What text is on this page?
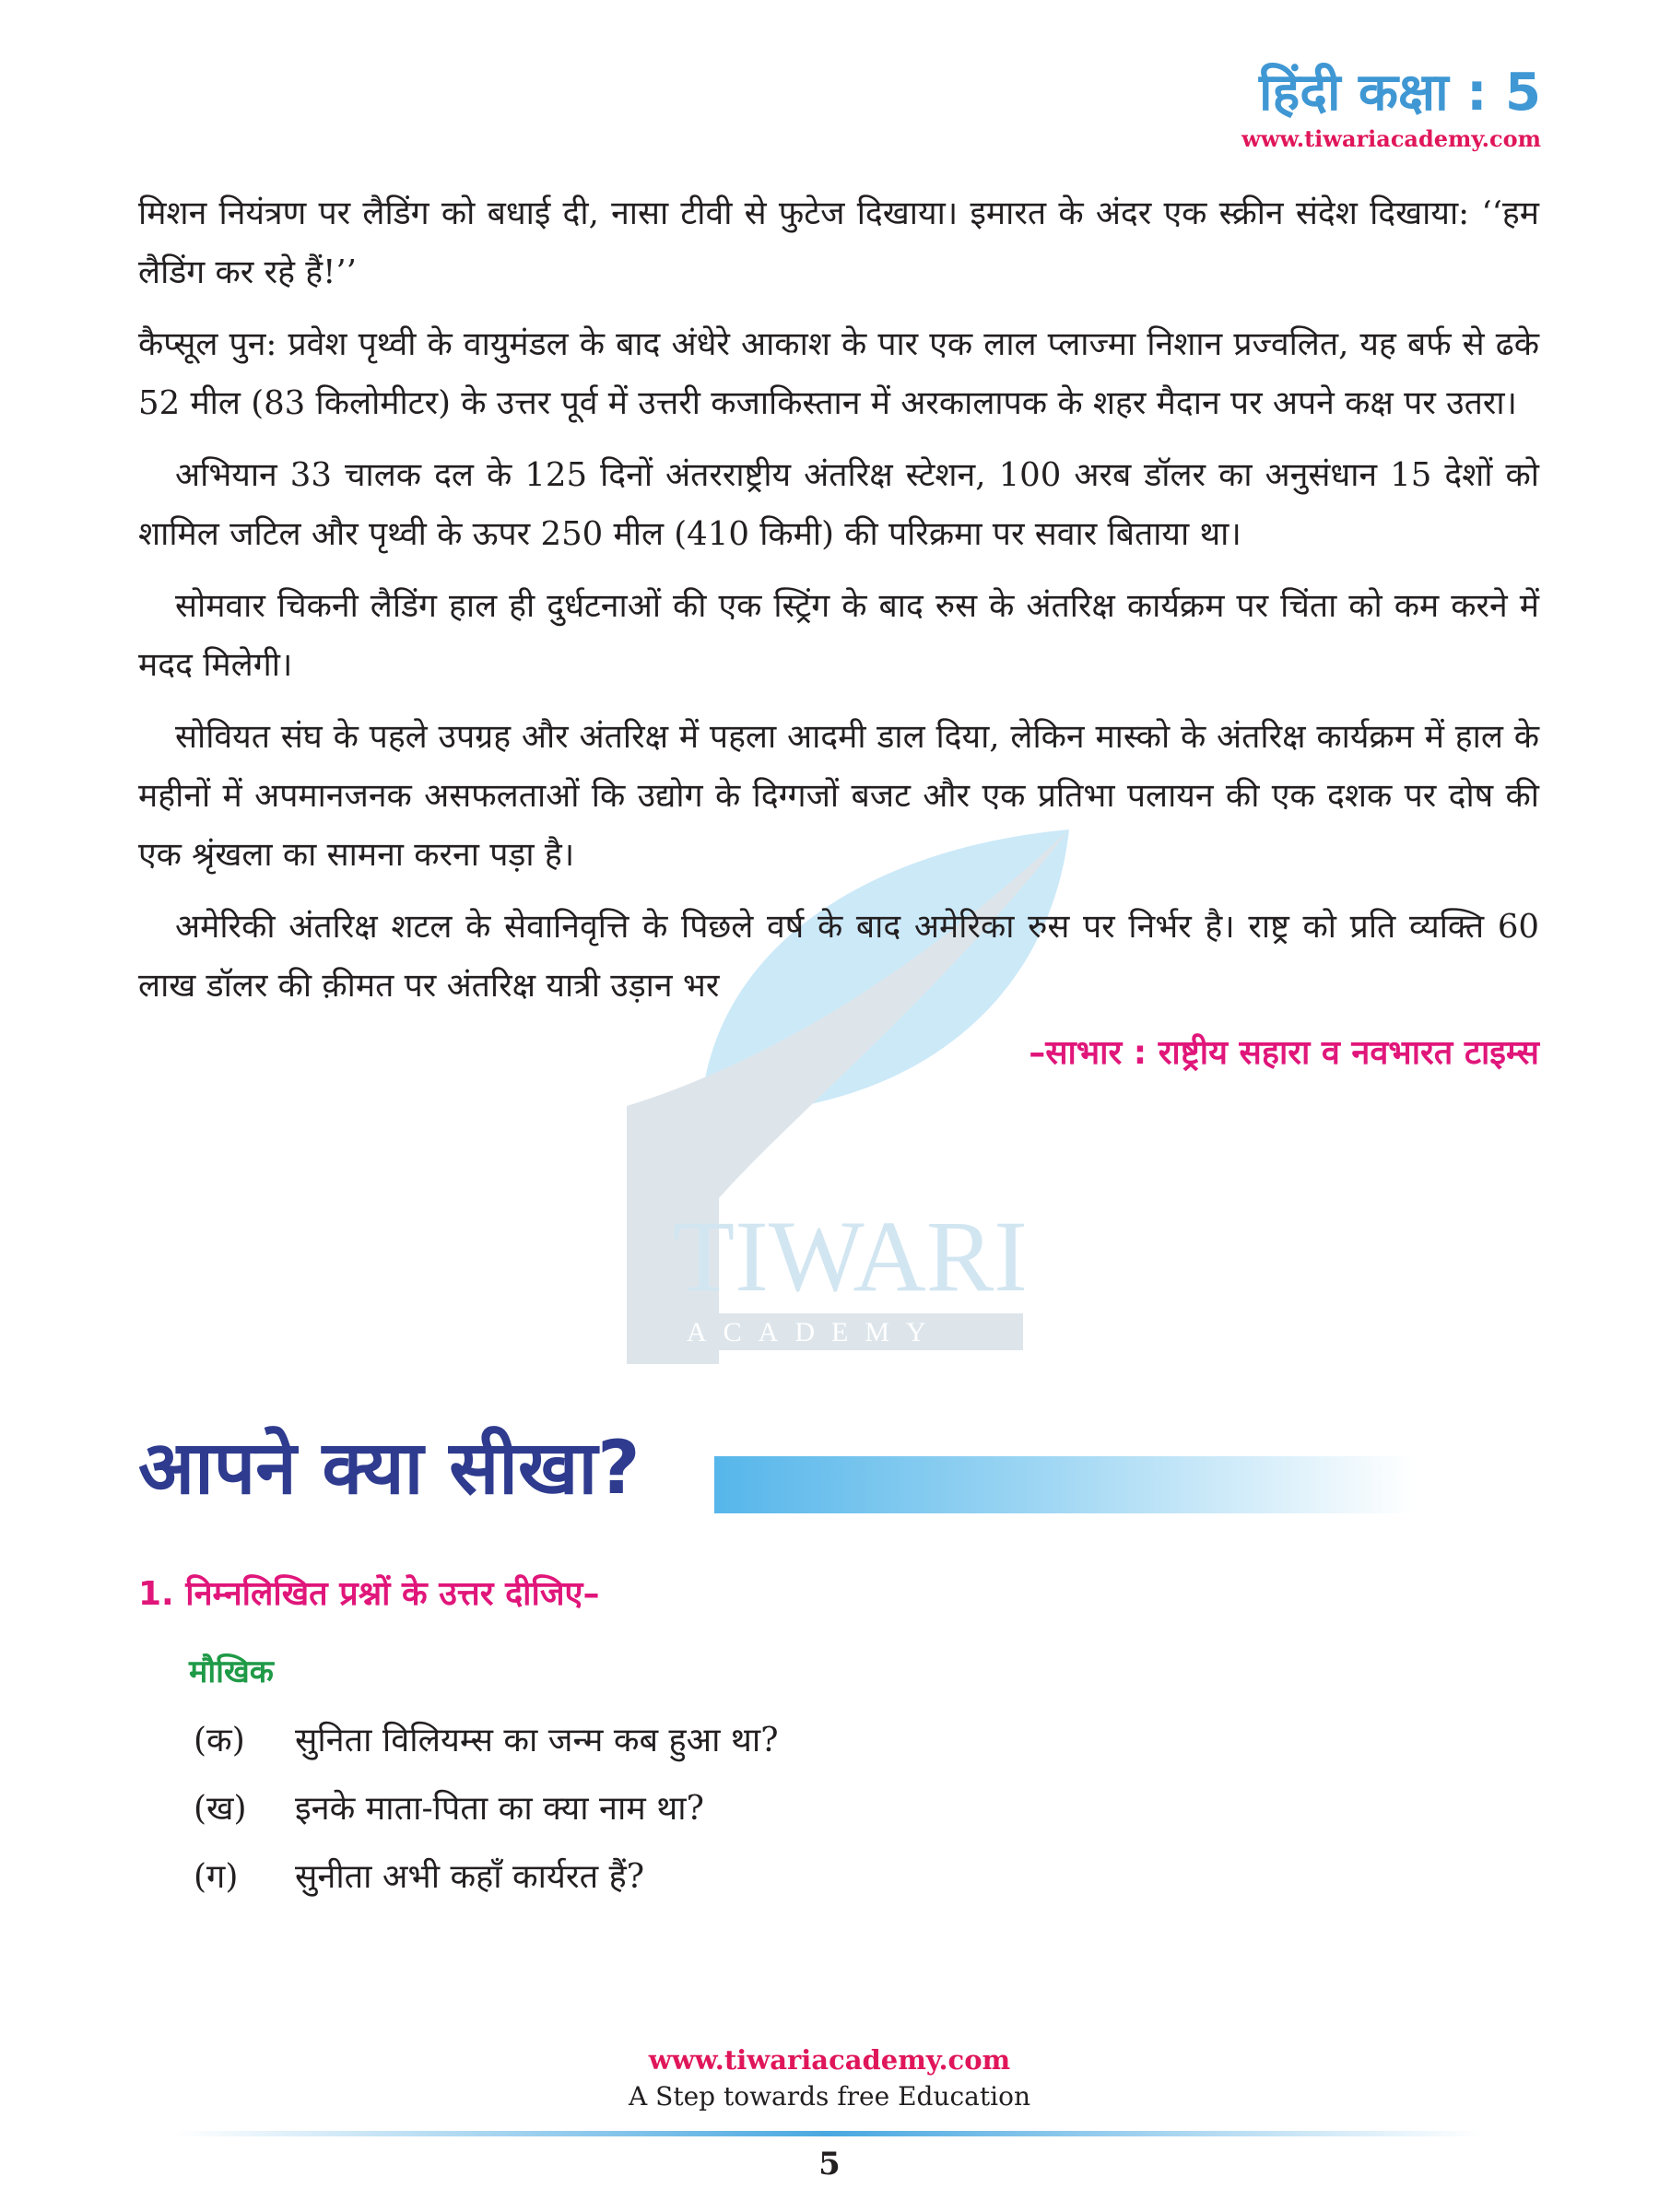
हिंदी कक्षा : 5
www.tiwariacademy.com
TIWARI
ACADEMY

मिशन नियंत्रण पर लैडिंग को बधाई दी, नासा टीवी से फुटेज दिखाया। इमारत के अंदर एक स्क्रीन संदेश दिखाया: ‘‘हम लैडिंग कर रहे हैं!’’

कैप्सूल पुन: प्रवेश पृथ्वी के वायुमंडल के बाद अंधेरे आकाश के पार एक लाल प्लाज्मा निशान प्रज्वलित, यह बर्फ से ढके 52 मील (83 किलोमीटर) के उत्तर पूर्व में उत्तरी कजाकिस्तान में अरकालापक के शहर मैदान पर अपने कक्ष पर उतरा।

अभियान 33 चालक दल के 125 दिनों अंतरराष्ट्रीय अंतरिक्ष स्टेशन, 100 अरब डॉलर का अनुसंधान 15 देशों को शामिल जटिल और पृथ्वी के ऊपर 250 मील (410 किमी) की परिक्रमा पर सवार बिताया था।

सोमवार चिकनी लैडिंग हाल ही दुर्धटनाओं की एक स्ट्रिंग के बाद रुस के अंतरिक्ष कार्यक्रम पर चिंता को कम करने में मदद मिलेगी।

सोवियत संघ के पहले उपग्रह और अंतरिक्ष में पहला आदमी डाल दिया, लेकिन मास्को के अंतरिक्ष कार्यक्रम में हाल के महीनों में अपमानजनक असफलताओं कि उद्योग के दिग्गजों बजट और एक प्रतिभा पलायन की एक दशक पर दोष की एक श्रृंखला का सामना करना पड़ा है।

अमेरिकी अंतरिक्ष शटल के सेवानिवृत्ति के पिछले वर्ष के बाद अमेरिका रुस पर निर्भर है। राष्ट्र को प्रति व्यक्ति 60 लाख डॉलर की क़ीमत पर अंतरिक्ष यात्री उड़ान भर

–साभार : राष्ट्रीय सहारा व नवभारत टाइम्स
आपने क्या सीखा?

1. निम्नलिखित प्रश्नों के उत्तर दीजिए–

मौखिक
(क)	सुनिता विलियम्स का जन्म कब हुआ था?
(ख)	इनके माता-पिता का क्या नाम था?
(ग)	सुनीता अभी कहाँ कार्यरत हैं?
www.tiwariacademy.com
A Step towards free Education
5
